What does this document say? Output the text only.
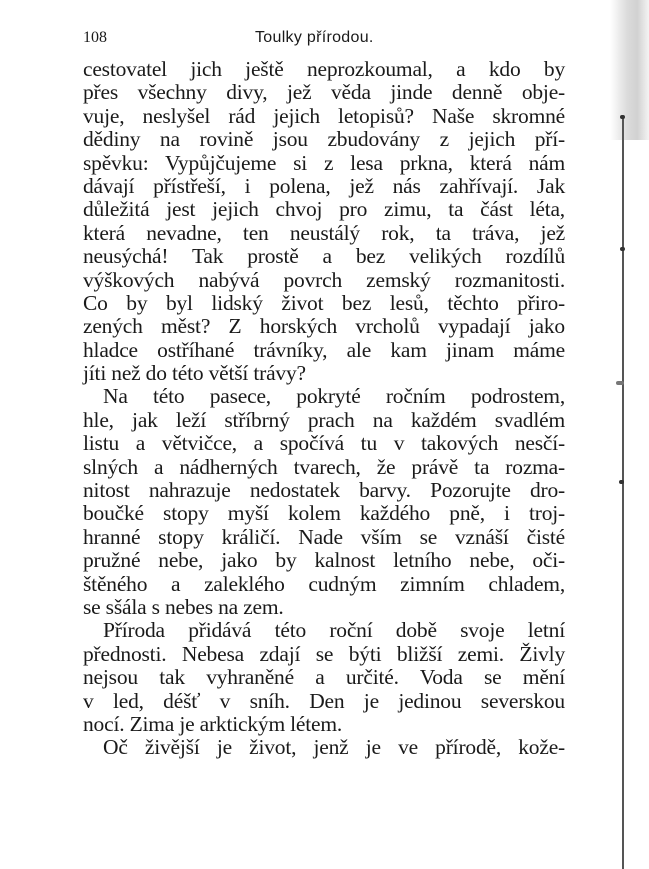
108	Toulky přírodou.
cestovatel jich ještě neprozkoumal, a kdo by
přes všechny divy, jež věda jinde denně obje-
vuje, neslyšel rád jejich letopisů? Naše skromné
dědiny na rovině jsou zbudovány z jejich pří-
spěvku: Vypůjčujeme si z lesa prkna, která nám
dávají přístřeší, i polena, jež nás zahřívají. Jak
důležitá jest jejich chvoj pro zimu, ta část léta,
která nevadne, ten neustálý rok, ta tráva, jež
neusýchá! Tak prostě a bez velikých rozdílů
výškových nabývá povrch zemský rozmanitosti.
Co by byl lidský život bez lesů, těchto přiro-
zených měst? Z horských vrcholů vypadají jako
hladce ostříhané trávníky, ale kam jinam máme
jíti než do této větší trávy?
Na této pasece, pokryté ročním podrostem,
hle, jak leží stříbrný prach na každém svadlém
listu a větvičce, a spočívá tu v takových nesčí-
slných a nádherných tvarech, že právě ta rozma-
nitost nahrazuje nedostatek barvy. Pozorujte dro-
boučké stopy myší kolem každého pně, i troj-
hranné stopy králičí. Nade vším se vznáší čisté
pružné nebe, jako by kalnost letního nebe, oči-
štěného a zaleklého cudným zimním chladem,
se sšála s nebes na zem.
Příroda přidává této roční době svoje letní
přednosti. Nebesa zdají se býti bližší zemi. Živly
nejsou tak vyhraněné a určité. Voda se mění
v led, déšť v sníh. Den je jedinou severskou
nocí. Zima je arktickým létem.
Oč živější je život, jenž je ve přírodě, kože-
